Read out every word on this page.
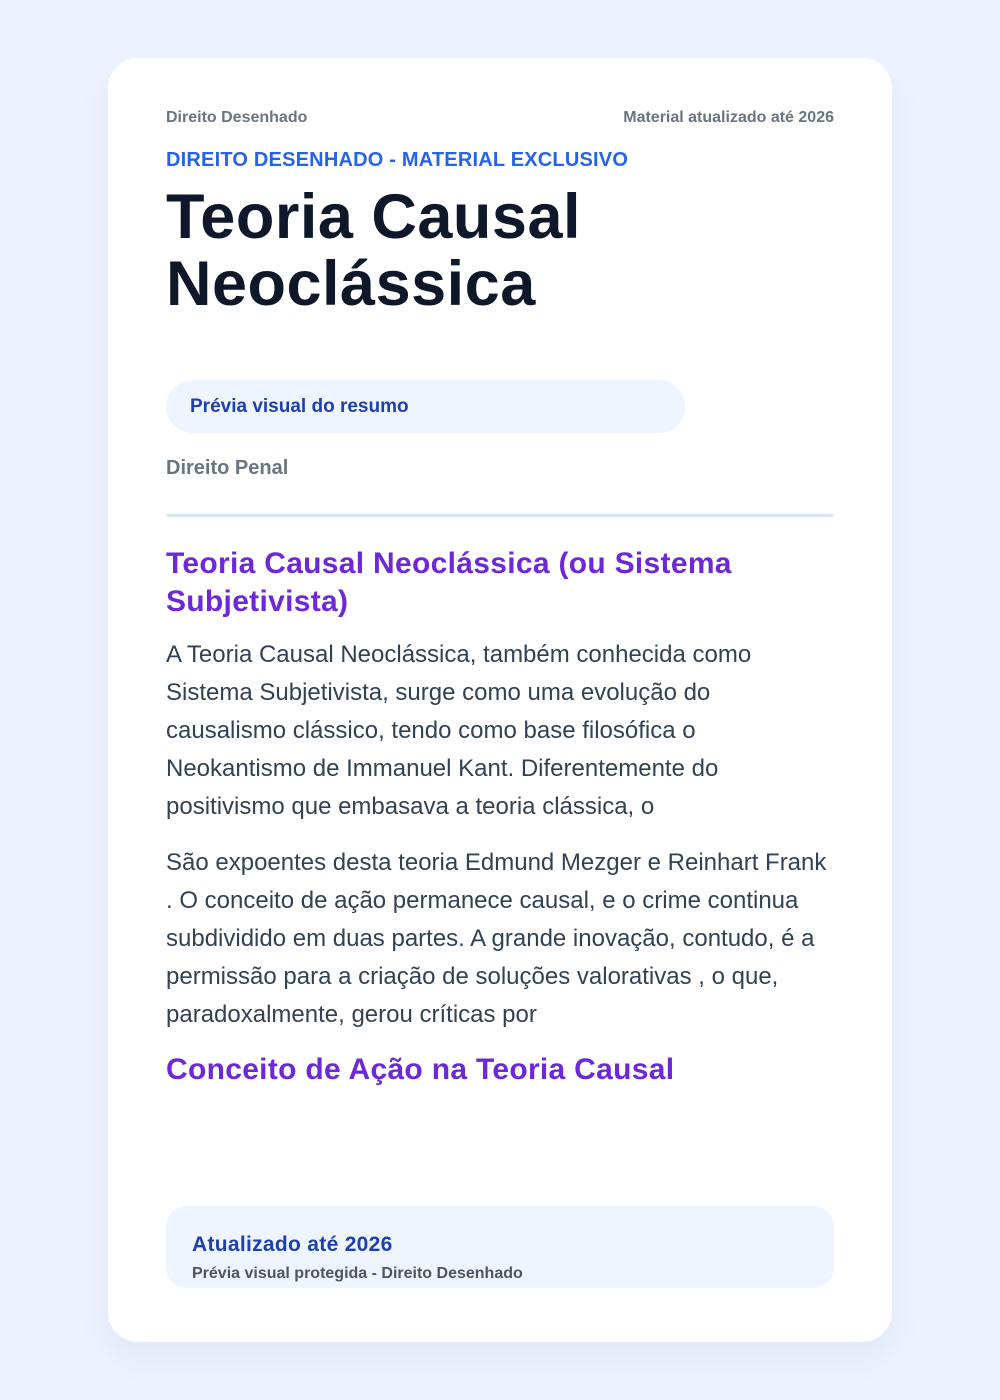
Direito Desenhado	Material atualizado até 2026
DIREITO DESENHADO - MATERIAL EXCLUSIVO
Teoria Causal Neoclássica
Prévia visual do resumo
Direito Penal
Teoria Causal Neoclássica (ou Sistema Subjetivista)

A Teoria Causal Neoclássica, também conhecida como Sistema Subjetivista, surge como uma evolução do causalismo clássico, tendo como base filosófica o Neokantismo de Immanuel Kant. Diferentemente do positivismo que embasava a teoria clássica, o

São expoentes desta teoria Edmund Mezger e Reinhart Frank . O conceito de ação permanece causal, e o crime continua subdividido em duas partes. A grande inovação, contudo, é a permissão para a criação de soluções valorativas , o que, paradoxalmente, gerou críticas por

Conceito de Ação na Teoria Causal
Atualizado até 2026
Prévia visual protegida - Direito Desenhado
